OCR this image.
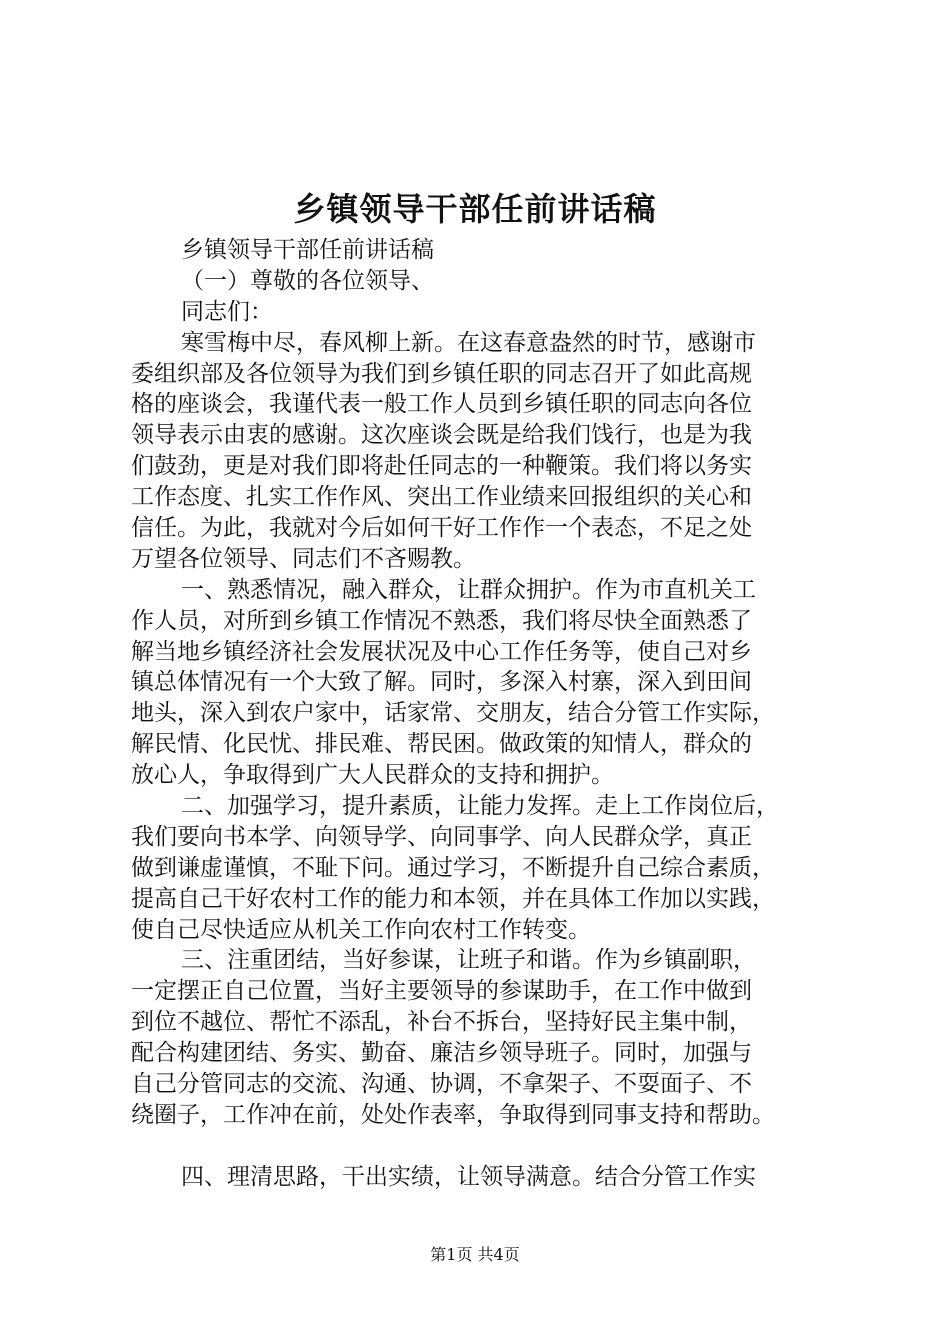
乡镇领导干部任前讲话稿
乡镇领导干部任前讲话稿
（一）尊敬的各位领导、
同志们：
寒雪梅中尽，春风柳上新。在这春意盎然的时节，感谢市
委组织部及各位领导为我们到乡镇任职的同志召开了如此高规
格的座谈会，我谨代表一般工作人员到乡镇任职的同志向各位
领导表示由衷的感谢。这次座谈会既是给我们饯行，也是为我
们鼓劲，更是对我们即将赴任同志的一种鞭策。我们将以务实
工作态度、扎实工作作风、突出工作业绩来回报组织的关心和
信任。为此，我就对今后如何干好工作作一个表态，不足之处
万望各位领导、同志们不吝赐教。
一、熟悉情况，融入群众，让群众拥护。作为市直机关工
作人员，对所到乡镇工作情况不熟悉，我们将尽快全面熟悉了
解当地乡镇经济社会发展状况及中心工作任务等，使自己对乡
镇总体情况有一个大致了解。同时，多深入村寨，深入到田间
地头，深入到农户家中，话家常、交朋友，结合分管工作实际，
解民情、化民忧、排民难、帮民困。做政策的知情人，群众的
放心人，争取得到广大人民群众的支持和拥护。
二、加强学习，提升素质，让能力发挥。走上工作岗位后，
我们要向书本学、向领导学、向同事学、向人民群众学，真正
做到谦虚谨慎，不耻下问。通过学习，不断提升自己综合素质，
提高自己干好农村工作的能力和本领，并在具体工作加以实践，
使自己尽快适应从机关工作向农村工作转变。
三、注重团结，当好参谋，让班子和谐。作为乡镇副职，
一定摆正自己位置，当好主要领导的参谋助手，在工作中做到
到位不越位、帮忙不添乱，补台不拆台，坚持好民主集中制，
配合构建团结、务实、勤奋、廉洁乡领导班子。同时，加强与
自己分管同志的交流、沟通、协调，不拿架子、不耍面子、不
绕圈子，工作冲在前，处处作表率，争取得到同事支持和帮助。
四、理清思路，干出实绩，让领导满意。结合分管工作实
第1页 共4页
